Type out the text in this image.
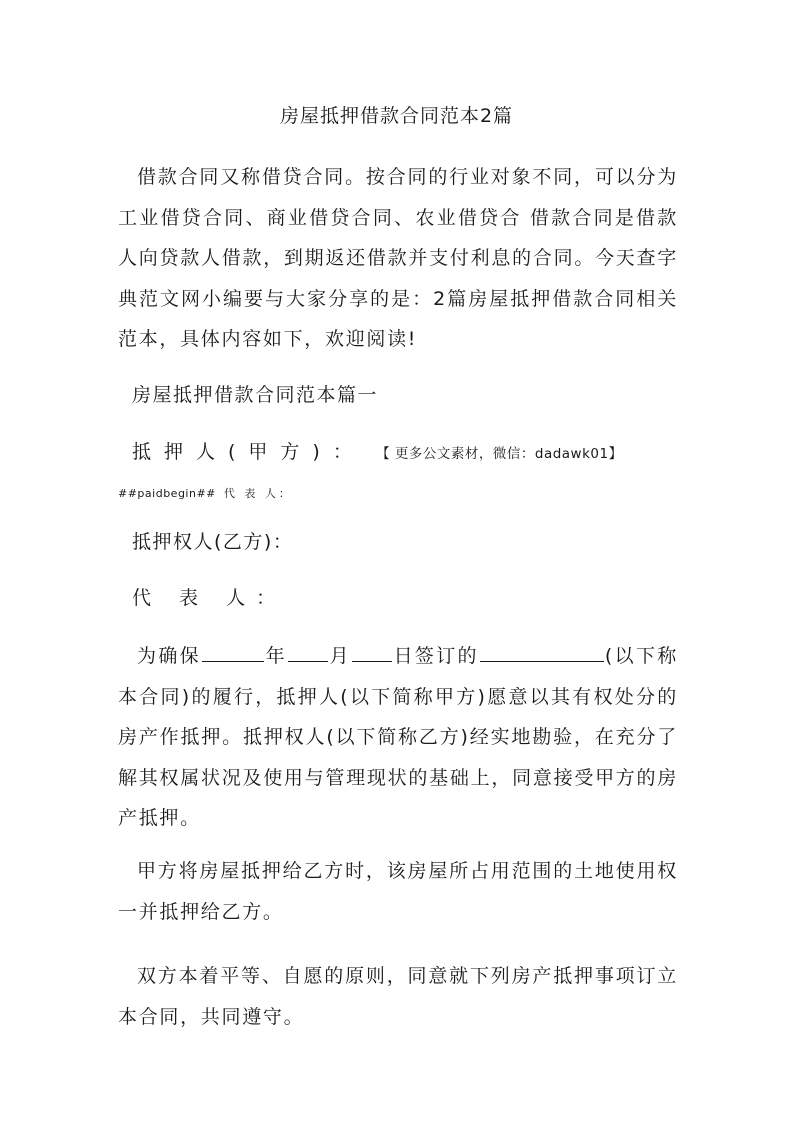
房屋抵押借款合同范本2篇

借款合同又称借贷合同。按合同的行业对象不同，可以分为工业借贷合同、商业借贷合同、农业借贷合 借款合同是借款人向贷款人借款，到期返还借款并支付利息的合同。今天查字典范文网小编要与大家分享的是：2篇房屋抵押借款合同相关范本，具体内容如下，欢迎阅读!

房屋抵押借款合同范本篇一
抵押人(甲方)： 【 更多公文素材，微信：dadawk01】
##paidbegin## 代 表 人：
抵押权人(乙方)：
代 表 人：

为确保	年 月 日签订的	(以下称本合同)的履行，抵押人(以下简称甲方)愿意以其有权处分的房产作抵押。抵押权人(以下简称乙方)经实地勘验，在充分了解其权属状况及使用与管理现状的基础上，同意接受甲方的房产抵押。

甲方将房屋抵押给乙方时，该房屋所占用范围的土地使用权一并抵押给乙方。

双方本着平等、自愿的原则，同意就下列房产抵押事项订立本合同，共同遵守。
